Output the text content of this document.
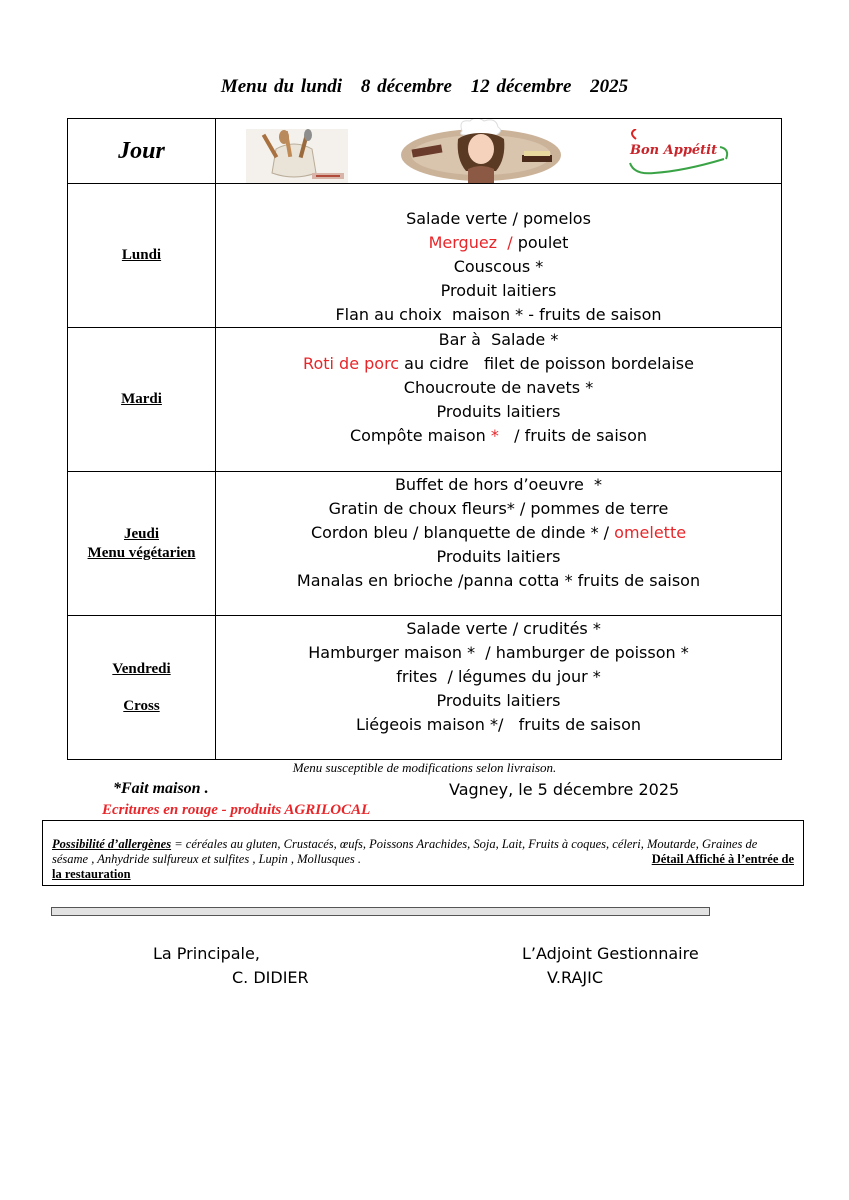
Menu du lundi 8 décembre 12 décembre 2025
Jour	Bon Appétit

Lundi	Salade verte / pomelos
Merguez  / poulet
Couscous *
Produit laitiers
Flan au choix  maison * - fruits de saison

Mardi	Bar à  Salade *
Roti de porc au cidre   filet de poisson bordelaise
Choucroute de navets *
Produits laitiers
Compôte maison *   / fruits de saison

Jeudi
Menu végétarien	Buffet de hors d’oeuvre  *
Gratin de choux fleurs* / pommes de terre
Cordon bleu / blanquette de dinde * / omelette
Produits laitiers
Manalas en brioche /panna cotta * fruits de saison

Vendredi
Cross	Salade verte / crudités *
Hamburger maison *  / hamburger de poisson *
frites  / légumes du jour *
Produits laitiers
Liégeois maison */   fruits de saison
Menu susceptible de modifications selon livraison.
*Fait maison .	Vagney, le 5 décembre 2025
Ecritures en rouge - produits AGRILOCAL
Possibilité d’allergènes = céréales au gluten, Crustacés, œufs, Poissons Arachides, Soja, Lait, Fruits à coques, céleri, Moutarde, Graines de sésame , Anhydride sulfureux et sulfites , Lupin , Mollusques .	Détail Affiché à l’entrée de
la restauration
La Principale,
C. DIDIER
L’Adjoint Gestionnaire
V.RAJIC
